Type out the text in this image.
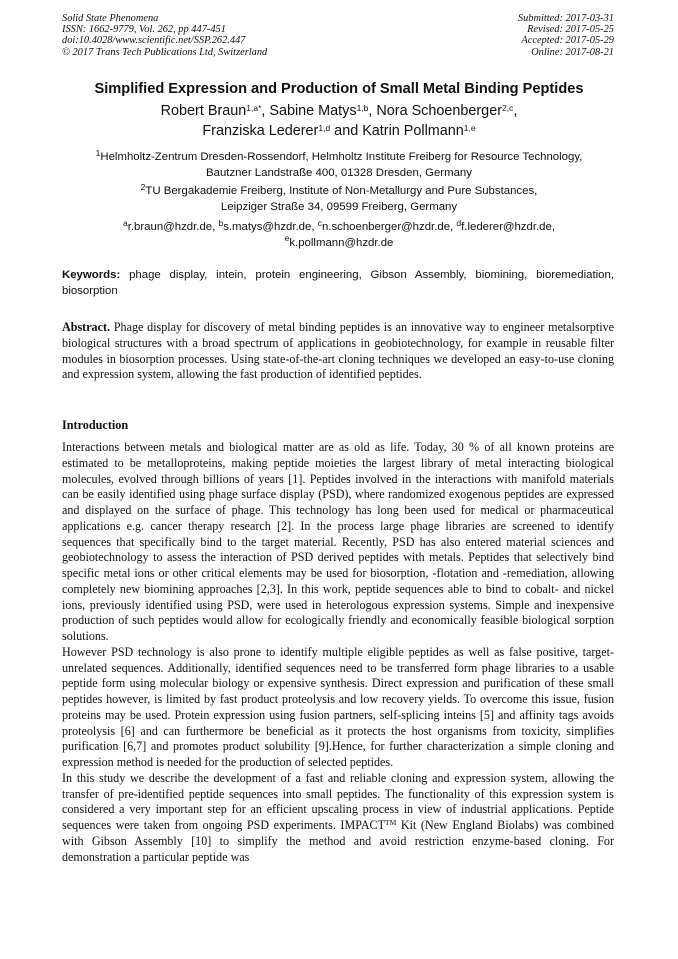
Solid State Phenomena
ISSN: 1662-9779, Vol. 262, pp 447-451
doi:10.4028/www.scientific.net/SSP.262.447
© 2017 Trans Tech Publications Ltd, Switzerland
Submitted: 2017-03-31
Revised: 2017-05-25
Accepted: 2017-05-29
Online: 2017-08-21
Simplified Expression and Production of Small Metal Binding Peptides
Robert Braun$^{1,a*}$, Sabine Matys$^{1,b}$, Nora Schoenberger$^{2,c}$,
Franziska Lederer$^{1,d}$ and Katrin Pollmann$^{1,e}$
$^1$Helmholtz-Zentrum Dresden-Rossendorf, Helmholtz Institute Freiberg for Resource Technology,
Bautzner Landstraße 400, 01328 Dresden, Germany
$^2$TU Bergakademie Freiberg, Institute of Non-Metallurgy and Pure Substances,
Leipziger Straße 34, 09599 Freiberg, Germany
$^a$r.braun@hzdr.de, $^b$s.matys@hzdr.de, $^c$n.schoenberger@hzdr.de, $^d$f.lederer@hzdr.de,
$^e$k.pollmann@hzdr.de
Keywords: phage display, intein, protein engineering, Gibson Assembly, biomining, bioremediation, biosorption
Abstract. Phage display for discovery of metal binding peptides is an innovative way to engineer metalsorptive biological structures with a broad spectrum of applications in geobiotechnology, for example in reusable filter modules in biosorption processes. Using state-of-the-art cloning techniques we developed an easy-to-use cloning and expression system, allowing the fast production of identified peptides.
Introduction

Interactions between metals and biological matter are as old as life. Today, 30 % of all known proteins are estimated to be metalloproteins, making peptide moieties the largest library of metal interacting biological molecules, evolved through billions of years [1]. Peptides involved in the interactions with manifold materials can be easily identified using phage surface display (PSD), where randomized exogenous peptides are expressed and displayed on the surface of phage. This technology has long been used for medical or pharmaceutical applications e.g. cancer therapy research [2]. In the process large phage libraries are screened to identify sequences that specifically bind to the target material. Recently, PSD has also entered material sciences and geobiotechnology to assess the interaction of PSD derived peptides with metals. Peptides that selectively bind specific metal ions or other critical elements may be used for biosorption, -flotation and -remediation, allowing completely new biomining approaches [2,3]. In this work, peptide sequences able to bind to cobalt- and nickel ions, previously identified using PSD, were used in heterologous expression systems. Simple and inexpensive production of such peptides would allow for ecologically friendly and economically feasible biological sorption solutions.

However PSD technology is also prone to identify multiple eligible peptides as well as false positive, target-unrelated sequences. Additionally, identified sequences need to be transferred form phage libraries to a usable peptide form using molecular biology or expensive synthesis. Direct expression and purification of these small peptides however, is limited by fast product proteolysis and low recovery yields. To overcome this issue, fusion proteins may be used. Protein expression using fusion partners, self-splicing inteins [5] and affinity tags avoids proteolysis [6] and can furthermore be beneficial as it protects the host organisms from toxicity, simplifies purification [6,7] and promotes product solubility [9].Hence, for further characterization a simple cloning and expression method is needed for the production of selected peptides.

In this study we describe the development of a fast and reliable cloning and expression system, allowing the transfer of pre-identified peptide sequences into small peptides. The functionality of this expression system is considered a very important step for an efficient upscaling process in view of industrial applications. Peptide sequences were taken from ongoing PSD experiments. IMPACT™ Kit (New England Biolabs) was combined with Gibson Assembly [10] to simplify the method and avoid restriction enzyme-based cloning. For demonstration a particular peptide was
